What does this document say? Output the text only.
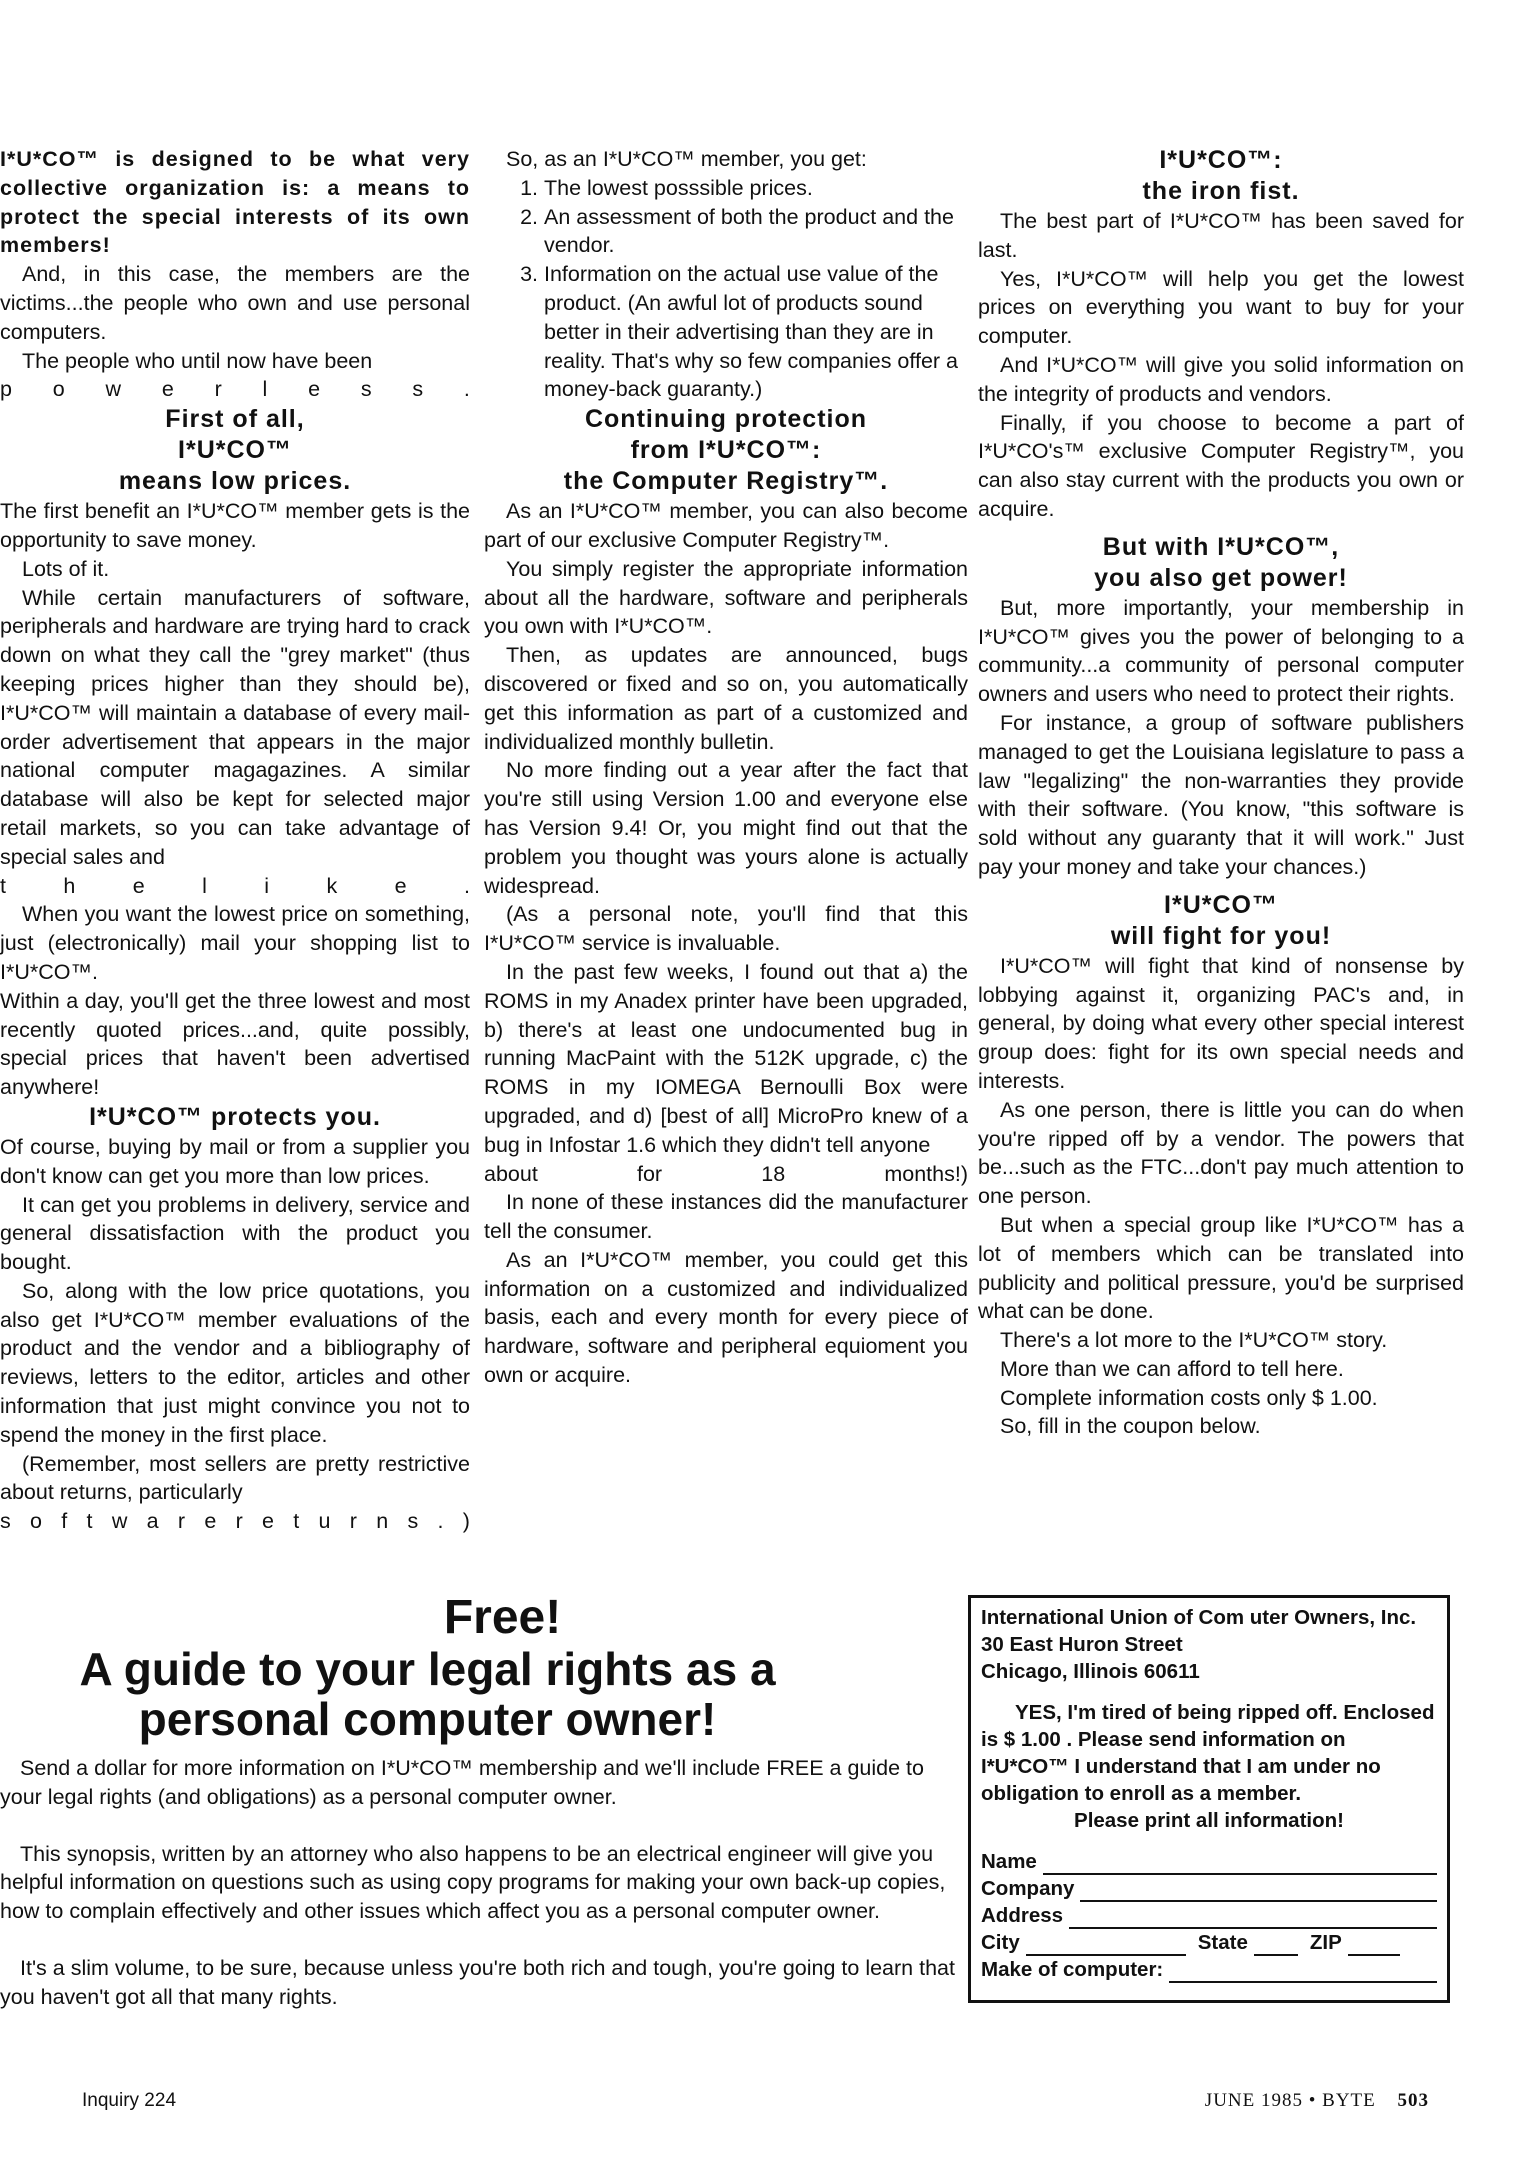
I*U*CO™ is designed to be what very collective organization is: a means to protect the special interests of its own members!

And, in this case, the members are the victims...the people who own and use personal computers.

The people who until now have been

p o w e r l e s s .
First of all,
I*U*CO™
means low prices.

The first benefit an I*U*CO™ member gets is the opportunity to save money.

Lots of it.

While certain manufacturers of software, peripherals and hardware are trying hard to crack down on what they call the "grey market" (thus keeping prices higher than they should be), I*U*CO™ will maintain a database of every mail-order advertisement that appears in the major national computer magagazines. A similar database will also be kept for selected major retail markets, so you can take advantage of special sales and

t	h	e	l	i	k	e	.

When you want the lowest price on something, just (electronically) mail your shopping list to I*U*CO™.

Within a day, you'll get the three lowest and most recently quoted prices...and, quite possibly, special prices that haven't been advertised anywhere!

I*U*CO™ protects you.

Of course, buying by mail or from a supplier you don't know can get you more than low prices.

It can get you problems in delivery, service and general dissatisfaction with the product you bought.

So, along with the low price quotations, you also get I*U*CO™ member evaluations of the product and the vendor and a bibliography of reviews, letters to the editor, articles and other information that just might convince you not to spend the money in the first place.

(Remember, most sellers are pretty restrictive about returns, particularly

s o f t w a r e r e t u r n s . )

So, as an I*U*CO™ member, you get:

1. The lowest posssible prices.
2. An assessment of both the product and the vendor.
3. Information on the actual use value of the product. (An awful lot of products sound better in their advertising than they are in reality. That's why so few companies offer a money-back guaranty.)
Continuing protection
from I*U*CO™:
the Computer Registry™.

As an I*U*CO™ member, you can also become part of our exclusive Computer Registry™.

You simply register the appropriate information about all the hardware, software and peripherals you own with I*U*CO™.

Then, as updates are announced, bugs discovered or fixed and so on, you automatically get this information as part of a customized and individualized monthly bulletin.

No more finding out a year after the fact that you're still using Version 1.00 and everyone else has Version 9.4! Or, you might find out that the problem you thought was yours alone is actually widespread.

(As a personal note, you'll find that this I*U*CO™ service is invaluable.

In the past few weeks, I found out that a) the ROMS in my Anadex printer have been upgraded, b) there's at least one undocumented bug in running MacPaint with the 512K upgrade, c) the ROMS in my IOMEGA Bernoulli Box were upgraded, and d) [best of all] MicroPro knew of a bug in Infostar 1.6 which they didn't tell anyone

about	for	18	months!)

In none of these instances did the manufacturer tell the consumer.

As an I*U*CO™ member, you could get this information on a customized and individualized basis, each and every month for every piece of hardware, software and peripheral equioment you own or acquire.

I*U*CO™:
the iron fist.

The best part of I*U*CO™ has been saved for last.

Yes, I*U*CO™ will help you get the lowest prices on everything you want to buy for your computer.

And I*U*CO™ will give you solid information on the integrity of products and vendors.

Finally, if you choose to become a part of I*U*CO's™ exclusive Computer Registry™, you can also stay current with the products you own or acquire.

But with I*U*CO™,
you also get power!

But, more importantly, your membership in I*U*CO™ gives you the power of belonging to a community...a community of personal computer owners and users who need to protect their rights.

For instance, a group of software publishers managed to get the Louisiana legislature to pass a law "legalizing" the non-warranties they provide with their software. (You know, "this software is sold without any guaranty that it will work." Just pay your money and take your chances.)

I*U*CO™
will fight for you!

I*U*CO™ will fight that kind of nonsense by lobbying against it, organizing PAC's and, in general, by doing what every other special interest group does: fight for its own special needs and interests.

As one person, there is little you can do when you're ripped off by a vendor. The powers that be...such as the FTC...don't pay much attention to one person.

But when a special group like I*U*CO™ has a lot of members which can be translated into publicity and political pressure, you'd be surprised what can be done.

There's a lot more to the I*U*CO™ story.

More than we can afford to tell here.

Complete information costs only $ 1.00.

So, fill in the coupon below.

Free!
A guide to your legal rights as a personal computer owner!

Send a dollar for more information on I*U*CO™ membership and we'll include FREE a guide to your legal rights (and obligations) as a personal computer owner.

This synopsis, written by an attorney who also happens to be an electrical engineer will give you helpful information on questions such as using copy programs for making your own back-up copies, how to complain effectively and other issues which affect you as a personal computer owner.

It's a slim volume, to be sure, because unless you're both rich and tough, you're going to learn that you haven't got all that many rights.

International Union of Com uter Owners, Inc.

30 East Huron Street

Chicago, Illinois 60611

YES, I'm tired of being ripped off. Enclosed is $ 1.00 . Please send information on I*U*CO™ I understand that I am under no obligation to enroll as a member.

Please print all information!

Name
Company
Address
City	State	ZIP
Make of computer:
Inquiry 224	JUNE 1985 • BYTE 503
